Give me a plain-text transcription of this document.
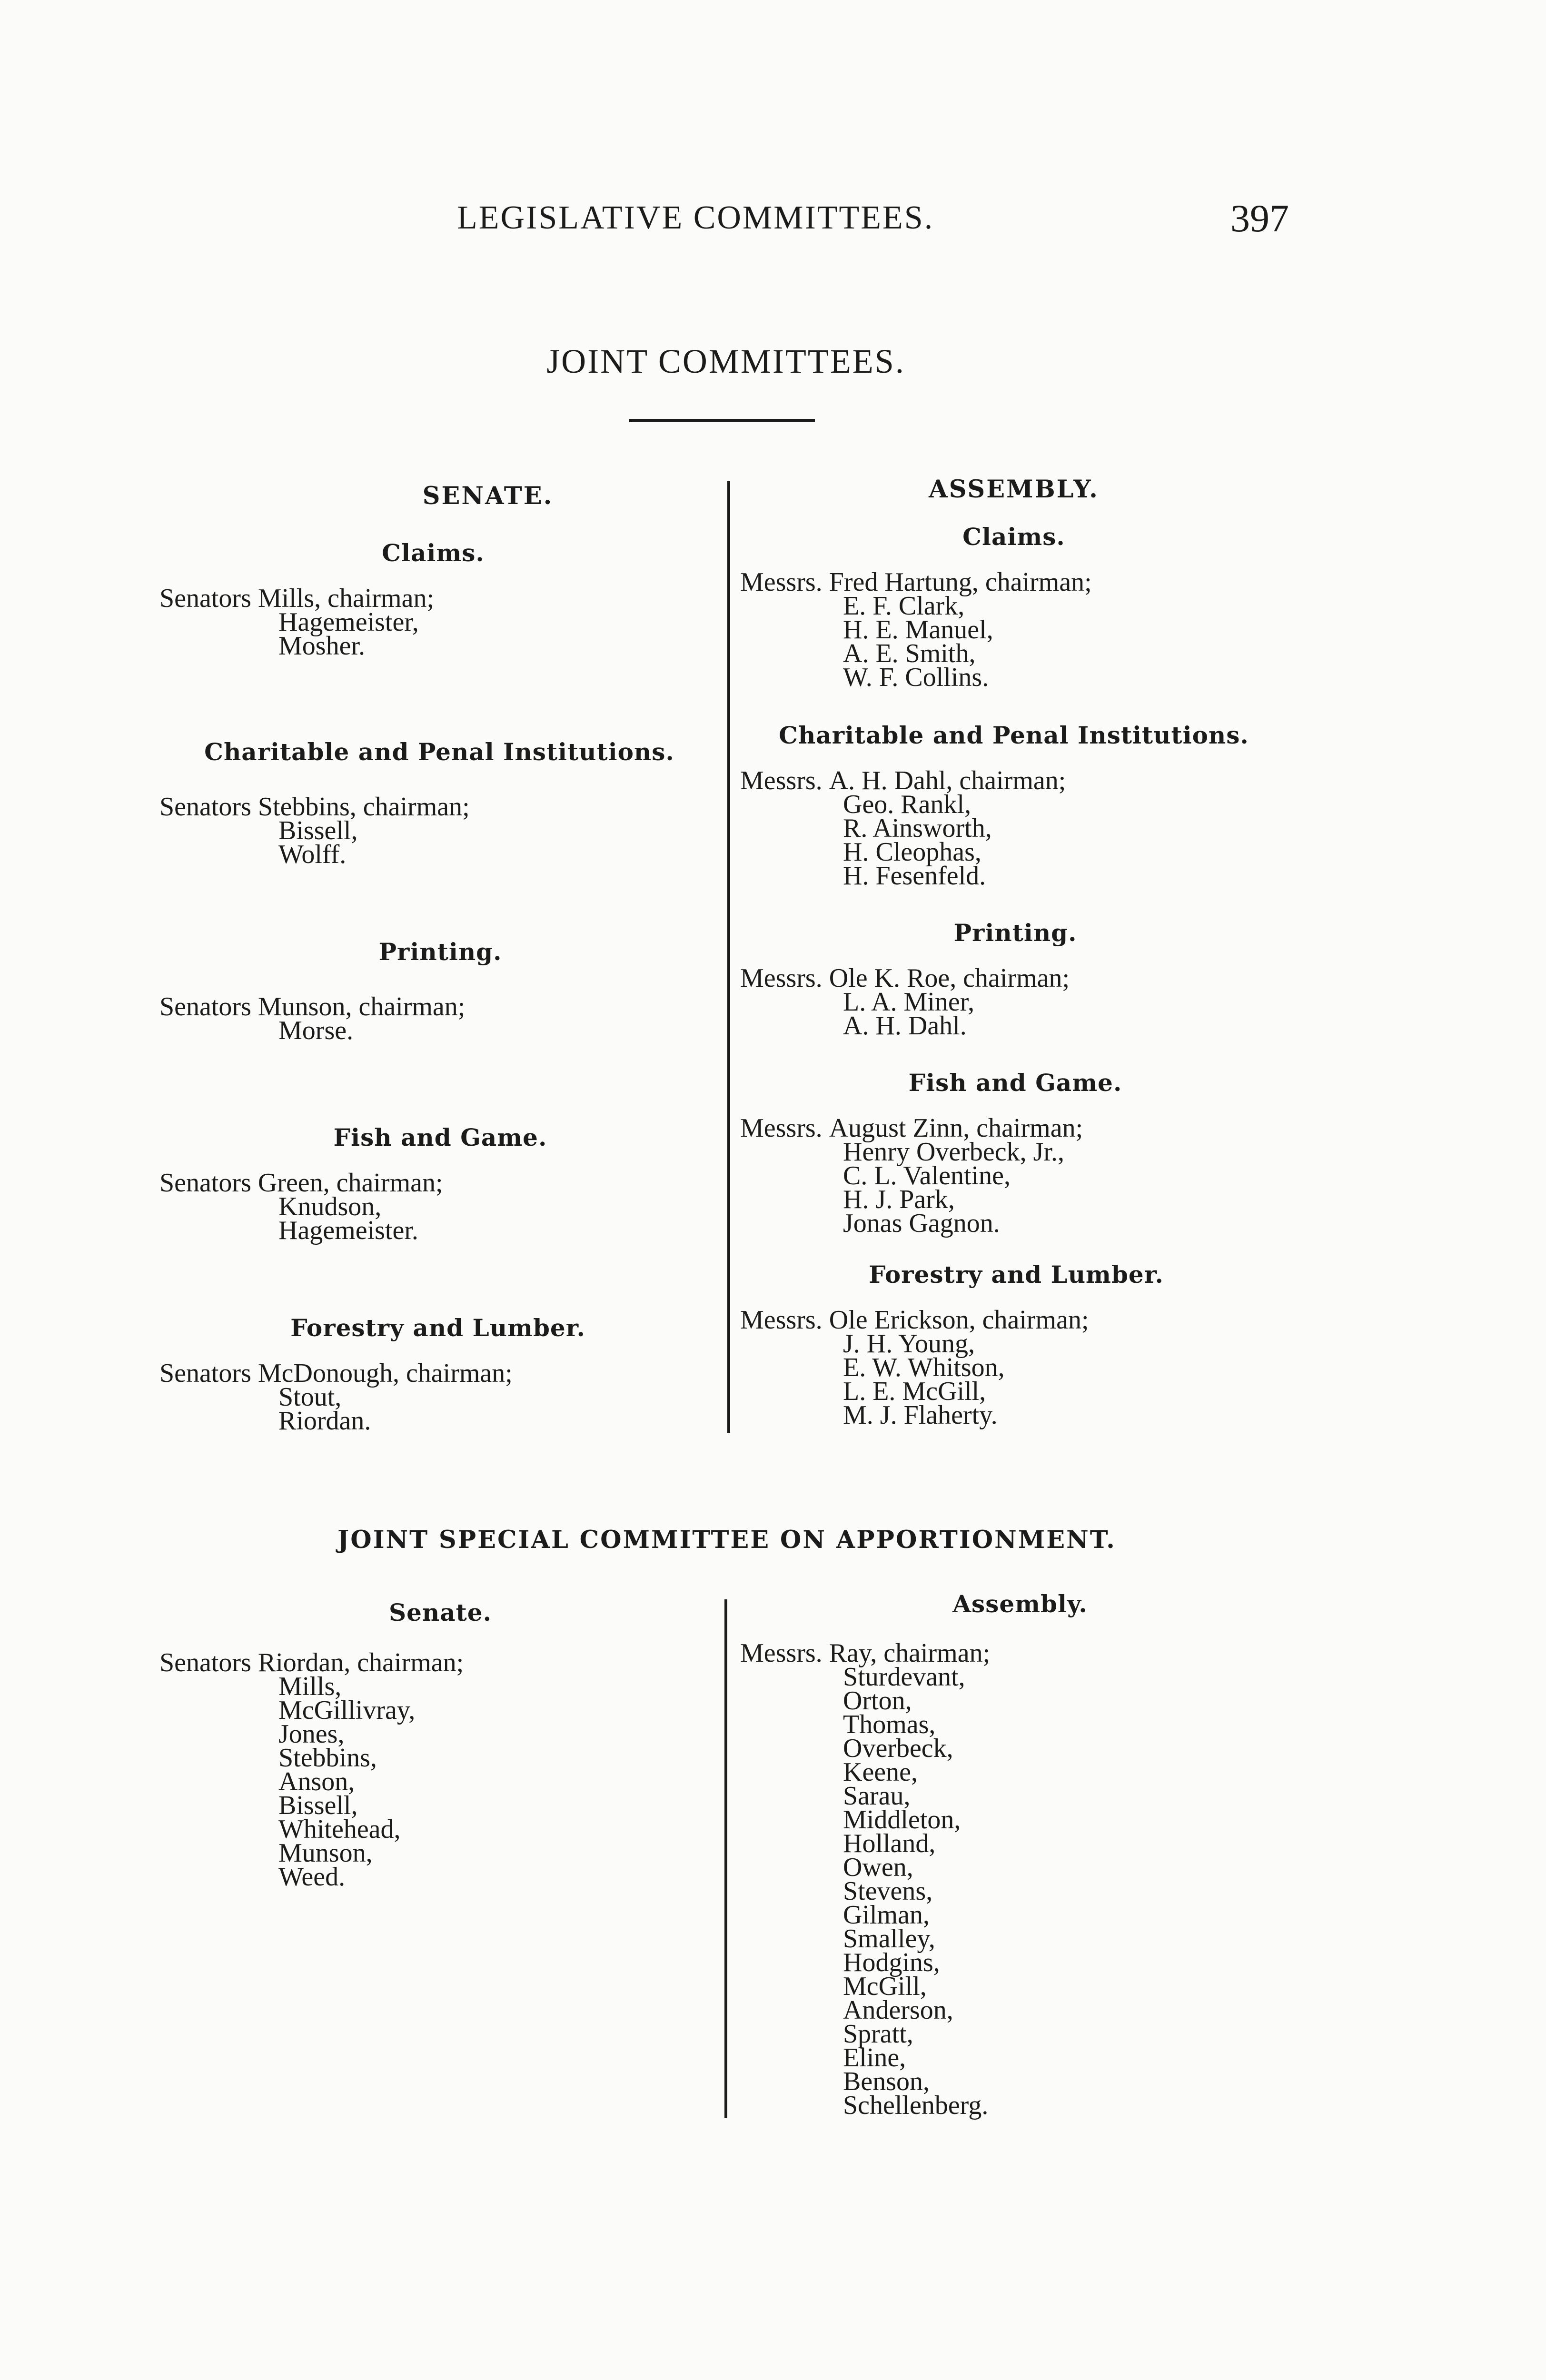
LEGISLATIVE COMMITTEES.	397
JOINT COMMITTEES.
SENATE.
Claims.
Senators
Mills, chairman;
Hagemeister,
Mosher.
Charitable and Penal Institutions.
Senators
Stebbins, chairman;
Bissell,
Wolff.
Printing.
Senators
Munson, chairman;
Morse.
Fish and Game.
Senators
Green, chairman;
Knudson,
Hagemeister.
Forestry and Lumber.
Senators
McDonough, chairman;
Stout,
Riordan.
ASSEMBLY.
Claims.
Messrs.
Fred Hartung, chairman;
E. F. Clark,
H. E. Manuel,
A. E. Smith,
W. F. Collins.
Charitable and Penal Institutions.
Messrs.
A. H. Dahl, chairman;
Geo. Rankl,
R. Ainsworth,
H. Cleophas,
H. Fesenfeld.
Printing.
Messrs.
Ole K. Roe, chairman;
L. A. Miner,
A. H. Dahl.
Fish and Game.
Messrs.
August Zinn, chairman;
Henry Overbeck, Jr.,
C. L. Valentine,
H. J. Park,
Jonas Gagnon.
Forestry and Lumber.
Messrs.
Ole Erickson, chairman;
J. H. Young,
E. W. Whitson,
L. E. McGill,
M. J. Flaherty.
JOINT SPECIAL COMMITTEE ON APPORTIONMENT.
Senate.
Senators
Riordan, chairman;
Mills,
McGillivray,
Jones,
Stebbins,
Anson,
Bissell,
Whitehead,
Munson,
Weed.
Assembly.
Messrs.
Ray, chairman;
Sturdevant,
Orton,
Thomas,
Overbeck,
Keene,
Sarau,
Middleton,
Holland,
Owen,
Stevens,
Gilman,
Smalley,
Hodgins,
McGill,
Anderson,
Spratt,
Eline,
Benson,
Schellenberg.
